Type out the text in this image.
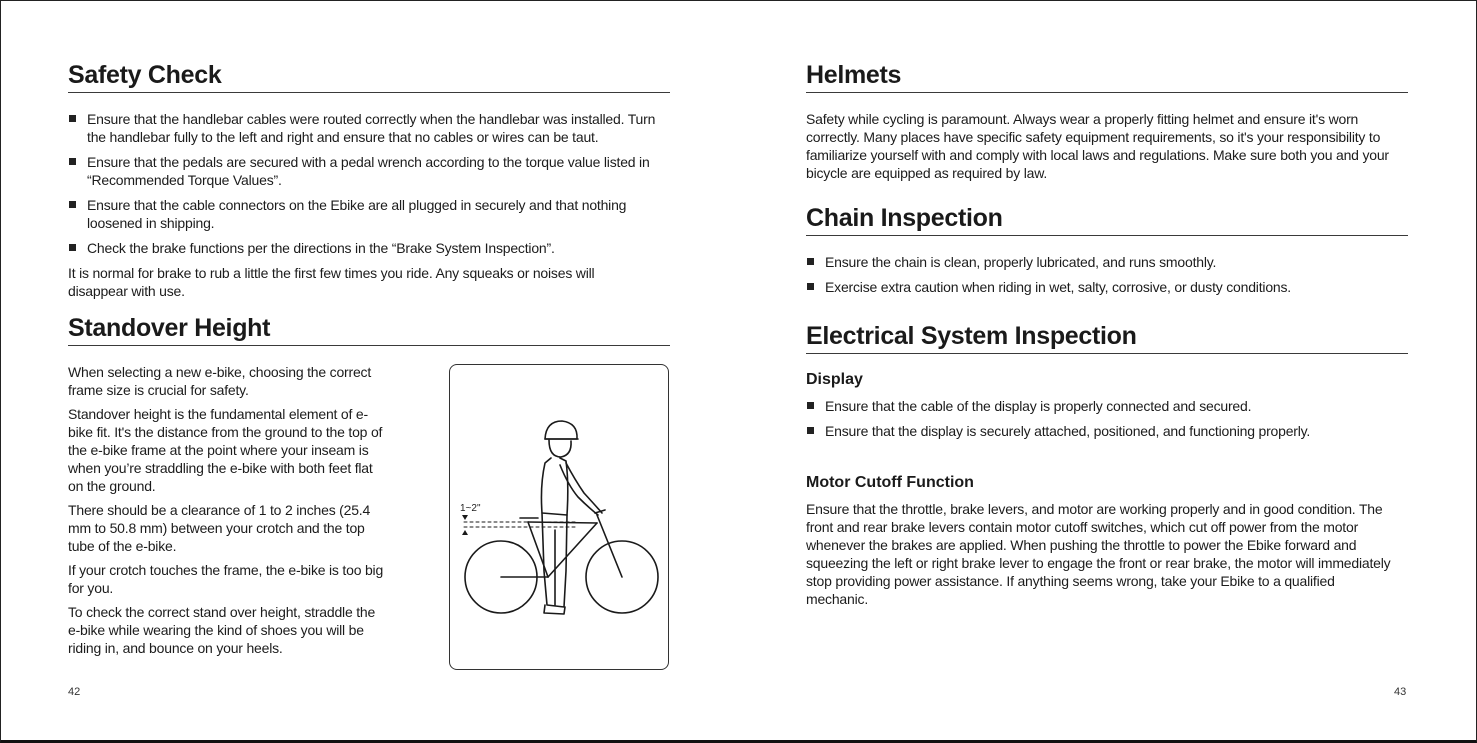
Safety Check
Ensure that the handlebar cables were routed correctly when the handlebar was installed. Turn the handlebar fully to the left and right and ensure that no cables or wires can be taut.
Ensure that the pedals are secured with a pedal wrench according to the torque value listed in “Recommended Torque Values”.
Ensure that the cable connectors on the Ebike are all plugged in securely and that nothing loosened in shipping.
Check the brake functions per the directions in the “Brake System Inspection”.

It is normal for brake to rub a little the first few times you ride. Any squeaks or noises will disappear with use.

Standover Height

When selecting a new e-bike, choosing the correct frame size is crucial for safety.

Standover height is the fundamental element of e-bike fit. It's the distance from the ground to the top of the e-bike frame at the point where your inseam is when you’re straddling the e-bike with both feet flat on the ground.

There should be a clearance of 1 to 2 inches (25.4 mm to 50.8 mm) between your crotch and the top tube of the e-bike.

If your crotch touches the frame, the e-bike is too big for you.

To check the correct stand over height, straddle the e-bike while wearing the kind of shoes you will be riding in, and bounce on your heels.

1~2"
42
Helmets

Safety while cycling is paramount. Always wear a properly fitting helmet and ensure it's worn correctly. Many places have specific safety equipment requirements, so it's your responsibility to familiarize yourself with and comply with local laws and regulations. Make sure both you and your bicycle are equipped as required by law.

Chain Inspection
Ensure the chain is clean, properly lubricated, and runs smoothly.
Exercise extra caution when riding in wet, salty, corrosive, or dusty conditions.
Electrical System Inspection
Display
Ensure that the cable of the display is properly connected and secured.
Ensure that the display is securely attached, positioned, and functioning properly.
Motor Cutoff Function

Ensure that the throttle, brake levers, and motor are working properly and in good condition. The front and rear brake levers contain motor cutoff switches, which cut off power from the motor whenever the brakes are applied. When pushing the throttle to power the Ebike forward and squeezing the left or right brake lever to engage the front or rear brake, the motor will immediately stop providing power assistance. If anything seems wrong, take your Ebike to a qualified mechanic.

43
